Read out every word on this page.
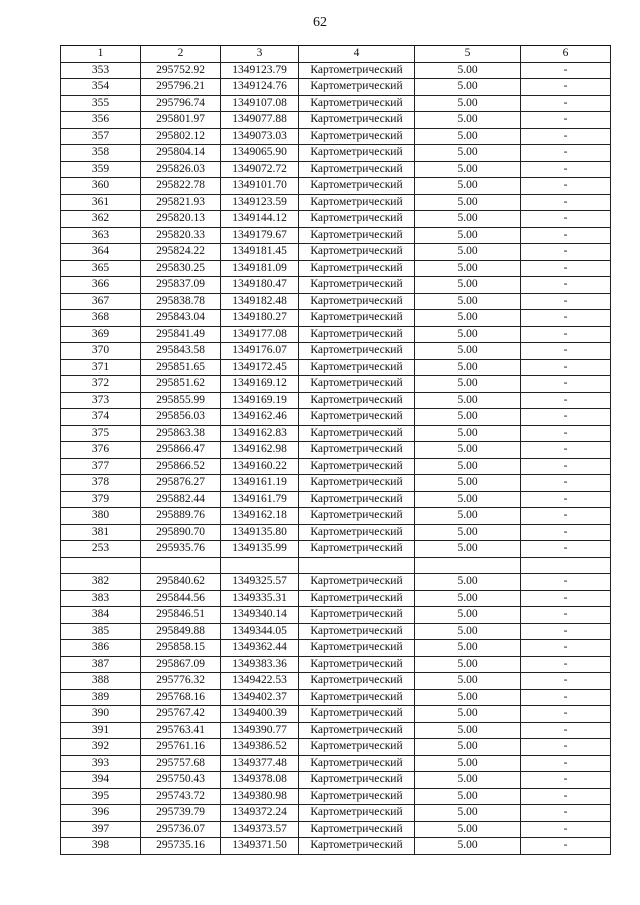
62
1	2	3	4	5	6
353	295752.92	1349123.79	Картометрический	5.00	-
354	295796.21	1349124.76	Картометрический	5.00	-
355	295796.74	1349107.08	Картометрический	5.00	-
356	295801.97	1349077.88	Картометрический	5.00	-
357	295802.12	1349073.03	Картометрический	5.00	-
358	295804.14	1349065.90	Картометрический	5.00	-
359	295826.03	1349072.72	Картометрический	5.00	-
360	295822.78	1349101.70	Картометрический	5.00	-
361	295821.93	1349123.59	Картометрический	5.00	-
362	295820.13	1349144.12	Картометрический	5.00	-
363	295820.33	1349179.67	Картометрический	5.00	-
364	295824.22	1349181.45	Картометрический	5.00	-
365	295830.25	1349181.09	Картометрический	5.00	-
366	295837.09	1349180.47	Картометрический	5.00	-
367	295838.78	1349182.48	Картометрический	5.00	-
368	295843.04	1349180.27	Картометрический	5.00	-
369	295841.49	1349177.08	Картометрический	5.00	-
370	295843.58	1349176.07	Картометрический	5.00	-
371	295851.65	1349172.45	Картометрический	5.00	-
372	295851.62	1349169.12	Картометрический	5.00	-
373	295855.99	1349169.19	Картометрический	5.00	-
374	295856.03	1349162.46	Картометрический	5.00	-
375	295863.38	1349162.83	Картометрический	5.00	-
376	295866.47	1349162.98	Картометрический	5.00	-
377	295866.52	1349160.22	Картометрический	5.00	-
378	295876.27	1349161.19	Картометрический	5.00	-
379	295882.44	1349161.79	Картометрический	5.00	-
380	295889.76	1349162.18	Картометрический	5.00	-
381	295890.70	1349135.80	Картометрический	5.00	-
253	295935.76	1349135.99	Картометрический	5.00	-

382	295840.62	1349325.57	Картометрический	5.00	-
383	295844.56	1349335.31	Картометрический	5.00	-
384	295846.51	1349340.14	Картометрический	5.00	-
385	295849.88	1349344.05	Картометрический	5.00	-
386	295858.15	1349362.44	Картометрический	5.00	-
387	295867.09	1349383.36	Картометрический	5.00	-
388	295776.32	1349422.53	Картометрический	5.00	-
389	295768.16	1349402.37	Картометрический	5.00	-
390	295767.42	1349400.39	Картометрический	5.00	-
391	295763.41	1349390.77	Картометрический	5.00	-
392	295761.16	1349386.52	Картометрический	5.00	-
393	295757.68	1349377.48	Картометрический	5.00	-
394	295750.43	1349378.08	Картометрический	5.00	-
395	295743.72	1349380.98	Картометрический	5.00	-
396	295739.79	1349372.24	Картометрический	5.00	-
397	295736.07	1349373.57	Картометрический	5.00	-
398	295735.16	1349371.50	Картометрический	5.00	-
